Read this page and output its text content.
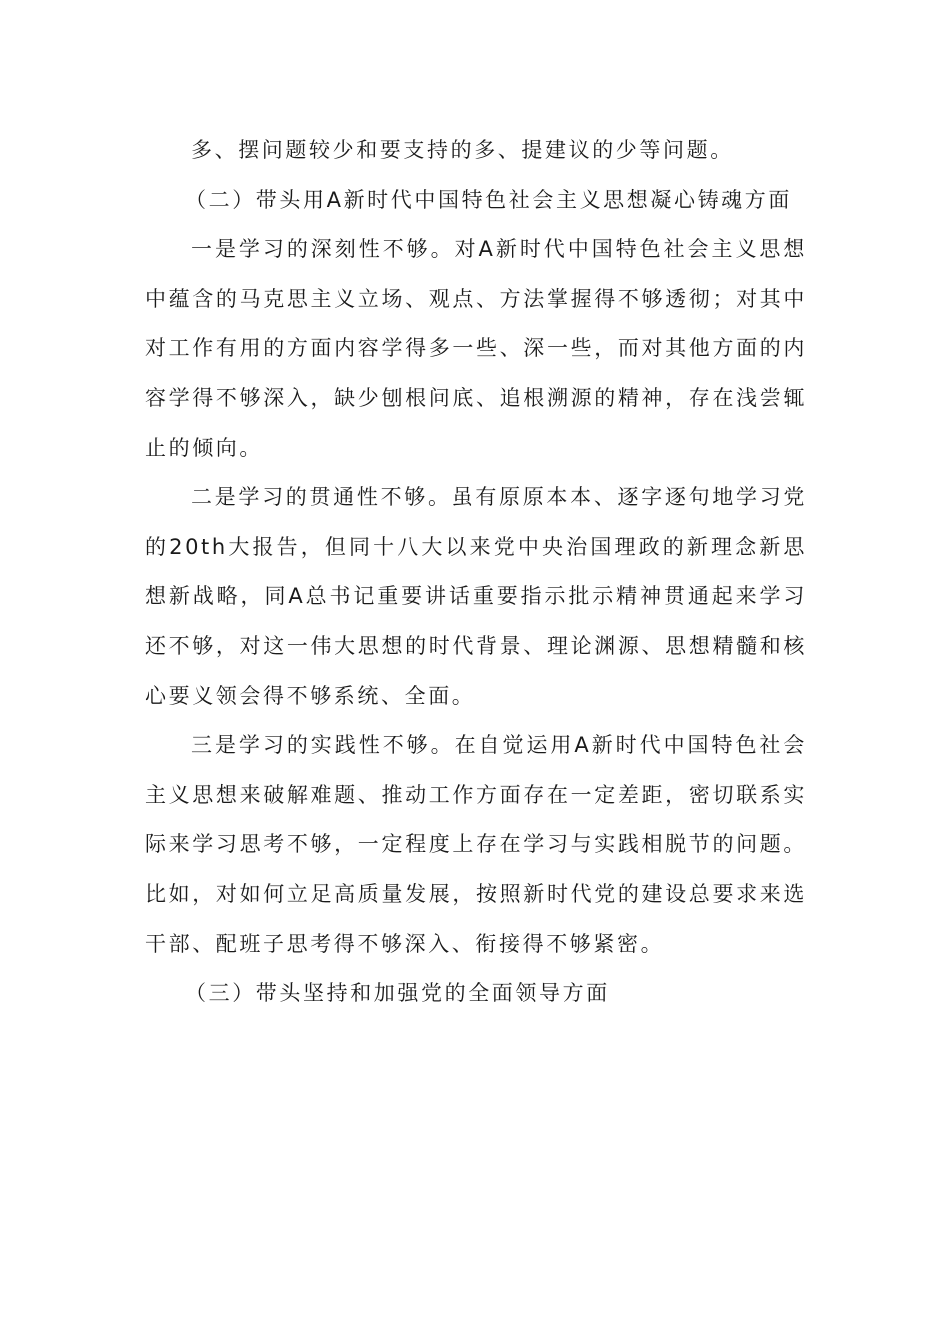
多、摆问题较少和要支持的多、提建议的少等问题。

（二）带头用A新时代中国特色社会主义思想凝心铸魂方面

一是学习的深刻性不够。对A新时代中国特色社会主义思想中蕴含的马克思主义立场、观点、方法掌握得不够透彻；对其中对工作有用的方面内容学得多一些、深一些，而对其他方面的内容学得不够深入，缺少刨根问底、追根溯源的精神，存在浅尝辄止的倾向。

二是学习的贯通性不够。虽有原原本本、逐字逐句地学习党的20th大报告，但同十八大以来党中央治国理政的新理念新思想新战略，同A总书记重要讲话重要指示批示精神贯通起来学习还不够，对这一伟大思想的时代背景、理论渊源、思想精髓和核心要义领会得不够系统、全面。

三是学习的实践性不够。在自觉运用A新时代中国特色社会主义思想来破解难题、推动工作方面存在一定差距，密切联系实际来学习思考不够，一定程度上存在学习与实践相脱节的问题。比如，对如何立足高质量发展，按照新时代党的建设总要求来选干部、配班子思考得不够深入、衔接得不够紧密。

（三）带头坚持和加强党的全面领导方面
